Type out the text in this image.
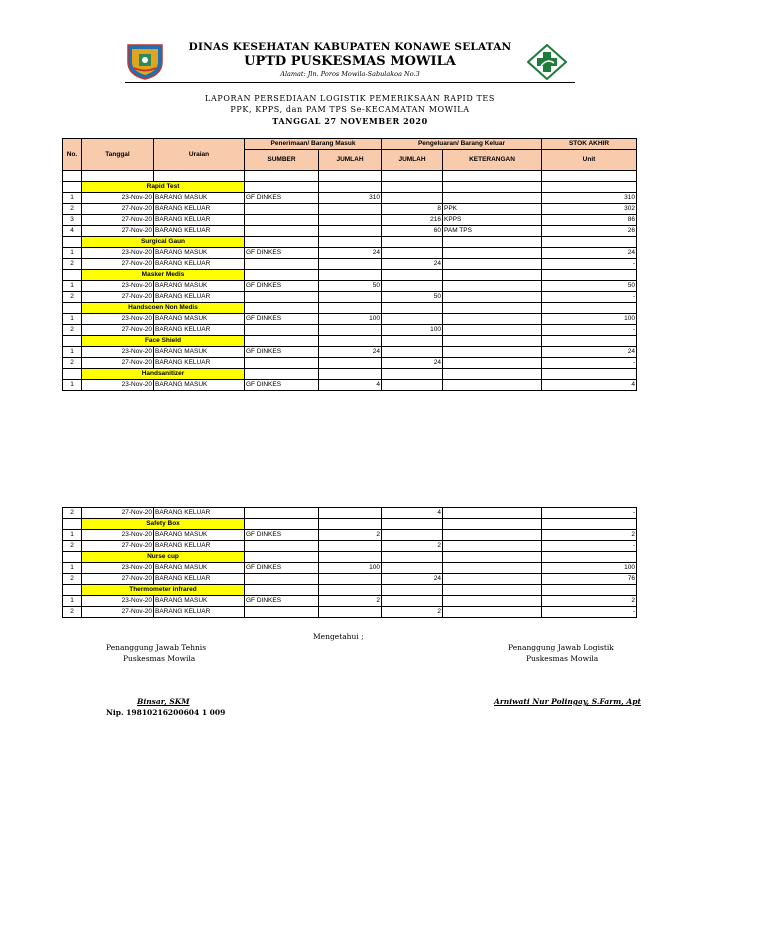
DINAS KESEHATAN KABUPATEN KONAWE SELATAN
UPTD PUSKESMAS MOWILA
Alamat: Jln. Poros Mowila-Sabulakoa No.3
LAPORAN PERSEDIAAN LOGISTIK PEMERIKSAAN RAPID TES
PPK, KPPS, dan PAM TPS Se-KECAMATAN MOWILA
TANGGAL 27 NOVEMBER 2020
No.	Tanggal	Uraian	Penerimaan/ Barang Masuk		Pengeluaran/ Barang Keluar		STOK AKHIR
			SUMBER	JUMLAH	JUMLAH	KETERANGAN	Unit

	Rapid Test						
1	23-Nov-20	BARANG MASUK	GF DINKES	310			310
2	27-Nov-20	BARANG KELUAR			8	PPK	302
3	27-Nov-20	BARANG KELUAR			216	KPPS	86
4	27-Nov-20	BARANG KELUAR			60	PAM TPS	26
	Surgical Gaun						
1	23-Nov-20	BARANG MASUK	GF DINKES	24			24
2	27-Nov-20	BARANG KELUAR			24		-
	Masker Medis						
1	23-Nov-20	BARANG MASUK	GF DINKES	50			50
2	27-Nov-20	BARANG KELUAR			50		-
	Handscoen Non Medis						
1	23-Nov-20	BARANG MASUK	GF DINKES	100			100
2	27-Nov-20	BARANG KELUAR			100		-
	Face Shield						
1	23-Nov-20	BARANG MASUK	GF DINKES	24			24
2	27-Nov-20	BARANG KELUAR			24		-
	Handsanitizer						
1	23-Nov-20	BARANG MASUK	GF DINKES	4			4
2	27-Nov-20	BARANG KELUAR			4		-
	Safety Box						
1	23-Nov-20	BARANG MASUK	GF DINKES	2			2
2	27-Nov-20	BARANG KELUAR			2		-
	Nurse cup						
1	23-Nov-20	BARANG MASUK	GF DINKES	100			100
2	27-Nov-20	BARANG KELUAR			24		76
	Thermometer infrared						
1	23-Nov-20	BARANG MASUK	GF DINKES	2			2
2	27-Nov-20	BARANG KELUAR			2		-
Mengetahui ;
Penanggung Jawab Tehnis
Puskesmas Mowila
Penanggung Jawab Logistik
Puskesmas Mowila
Binsar, SKM
Nip. 19810216200604 1 009
Arniwati Nur Polingay, S.Farm, Apt
